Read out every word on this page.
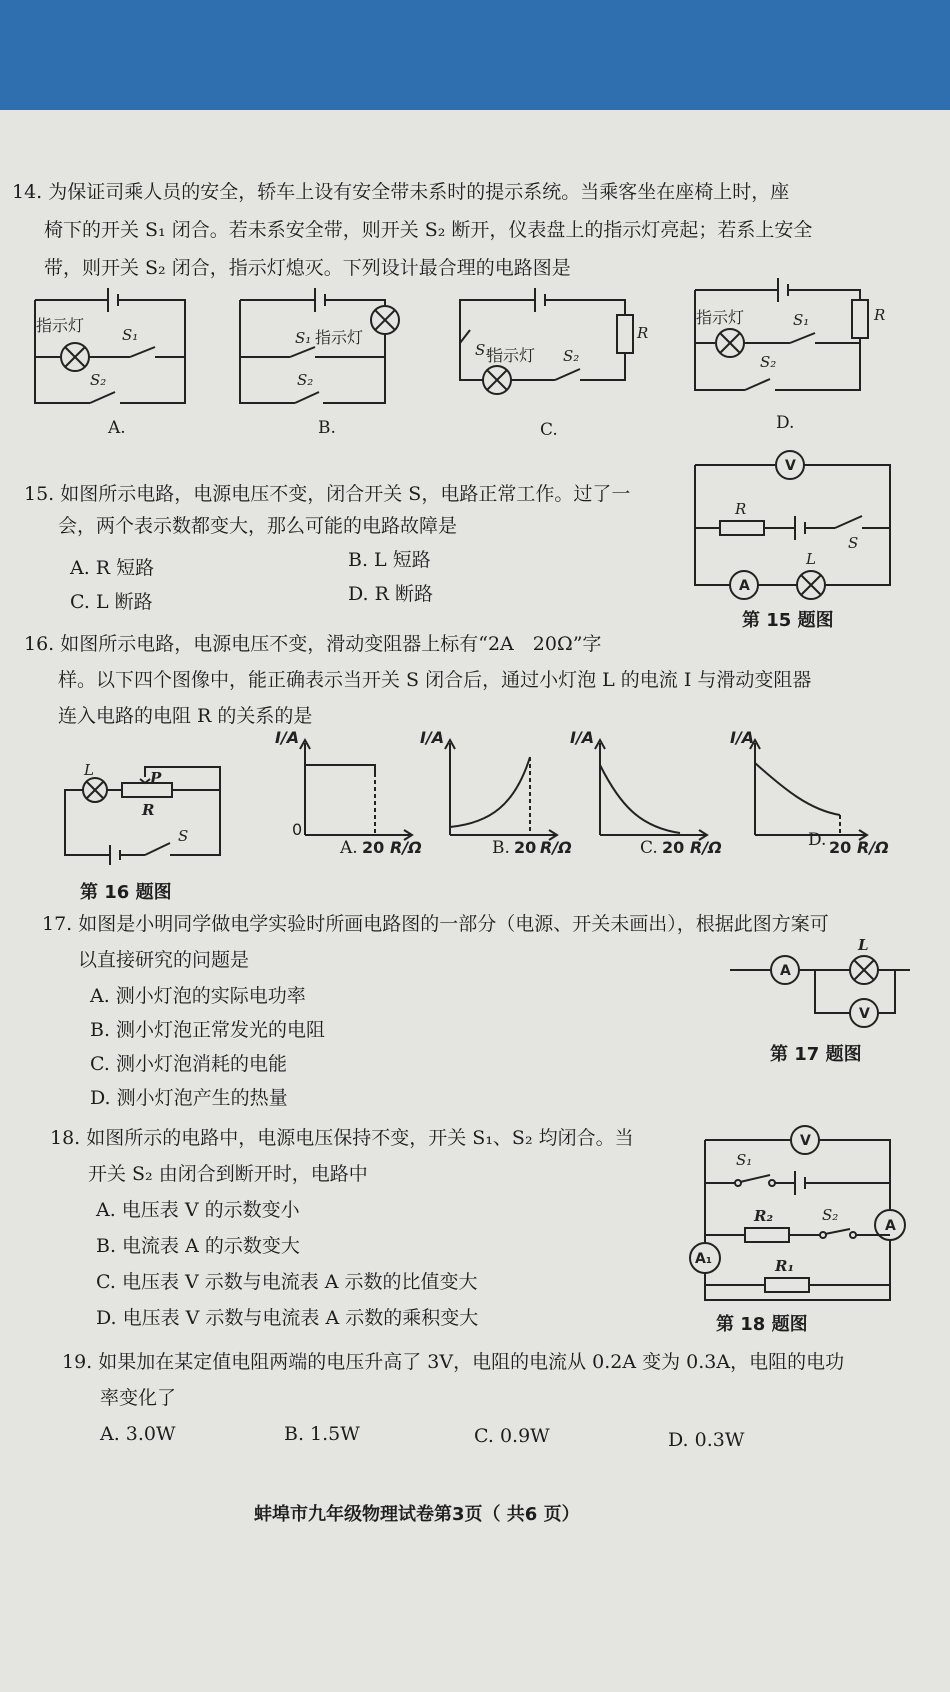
14. 为保证司乘人员的安全，轿车上设有安全带未系时的提示系统。当乘客坐在座椅上时，座
椅下的开关 S₁ 闭合。若未系安全带，则开关 S₂ 断开，仪表盘上的指示灯亮起；若系上安全
带，则开关 S₂ 闭合，指示灯熄灭。下列设计最合理的电路图是
指示灯	S₁
S₂
A.
S₁ 指示灯
S₂
B.
S₁
指示灯 S₂
R
C.
指示灯	S₁
S₂
R
D.
15. 如图所示电路，电源电压不变，闭合开关 S，电路正常工作。过了一
会，两个表示数都变大，那么可能的电路故障是
A. R 短路	B. L 短路
C. L 断路	D. R 断路
V
A
R
S
L
第 15 题图
16. 如图所示电路，电源电压不变，滑动变阻器上标有“2A　20Ω”字
样。以下四个图像中，能正确表示当开关 S 闭合后，通过小灯泡 L 的电流 I 与滑动变阻器
连入电路的电阻 R 的关系的是
L	P
R
S
第 16 题图
I/A
0
20 R/Ω
A.
I/A
20 R/Ω
B.
I/A
20 R/Ω
C.
I/A
20 R/Ω
D.
17. 如图是小明同学做电学实验时所画电路图的一部分（电源、开关未画出），根据此图方案可
以直接研究的问题是
A. 测小灯泡的实际电功率
B. 测小灯泡正常发光的电阻
C. 测小灯泡消耗的电能
D. 测小灯泡产生的热量
A
V
L
第 17 题图
18. 如图所示的电路中，电源电压保持不变，开关 S₁、S₂ 均闭合。当
开关 S₂ 由闭合到断开时，电路中
A. 电压表 V 的示数变小
B. 电流表 A 的示数变大
C. 电压表 V 示数与电流表 A 示数的比值变大
D. 电压表 V 示数与电流表 A 示数的乘积变大
V
A
A₁
S₁
R₂	S₂
R₁
第 18 题图
19. 如果加在某定值电阻两端的电压升高了 3V，电阻的电流从 0.2A 变为 0.3A，电阻的电功
率变化了
A. 3.0W	B. 1.5W	C. 0.9W	D. 0.3W
蚌埠市九年级物理试卷第3页（ 共6 页）
